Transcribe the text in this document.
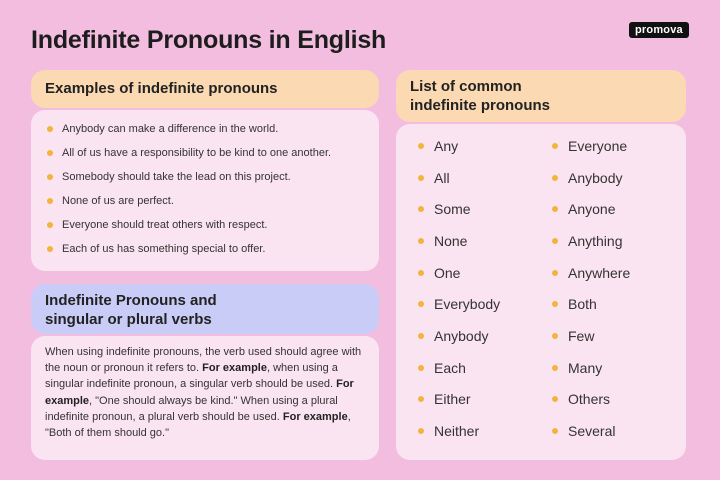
Indefinite Pronouns in English	promova
Examples of indefinite pronouns
Anybody can make a difference in the world.
All of us have a responsibility to be kind to one another.
Somebody should take the lead on this project.
None of us are perfect.
Everyone should treat others with respect.
Each of us has something special to offer.
Indefinite Pronouns and
singular or plural verbs
When using indefinite pronouns, the verb used should agree with the noun or pronoun it refers to. For example, when using a singular indefinite pronoun, a singular verb should be used. For example, "One should always be kind." When using a plural indefinite pronoun, a plural verb should be used. For example, "Both of them should go."
List of common
indefinite pronouns
Any
All
Some
None
One
Everybody
Anybody
Each
Either
Neither
Everyone
Anybody
Anyone
Anything
Anywhere
Both
Few
Many
Others
Several
